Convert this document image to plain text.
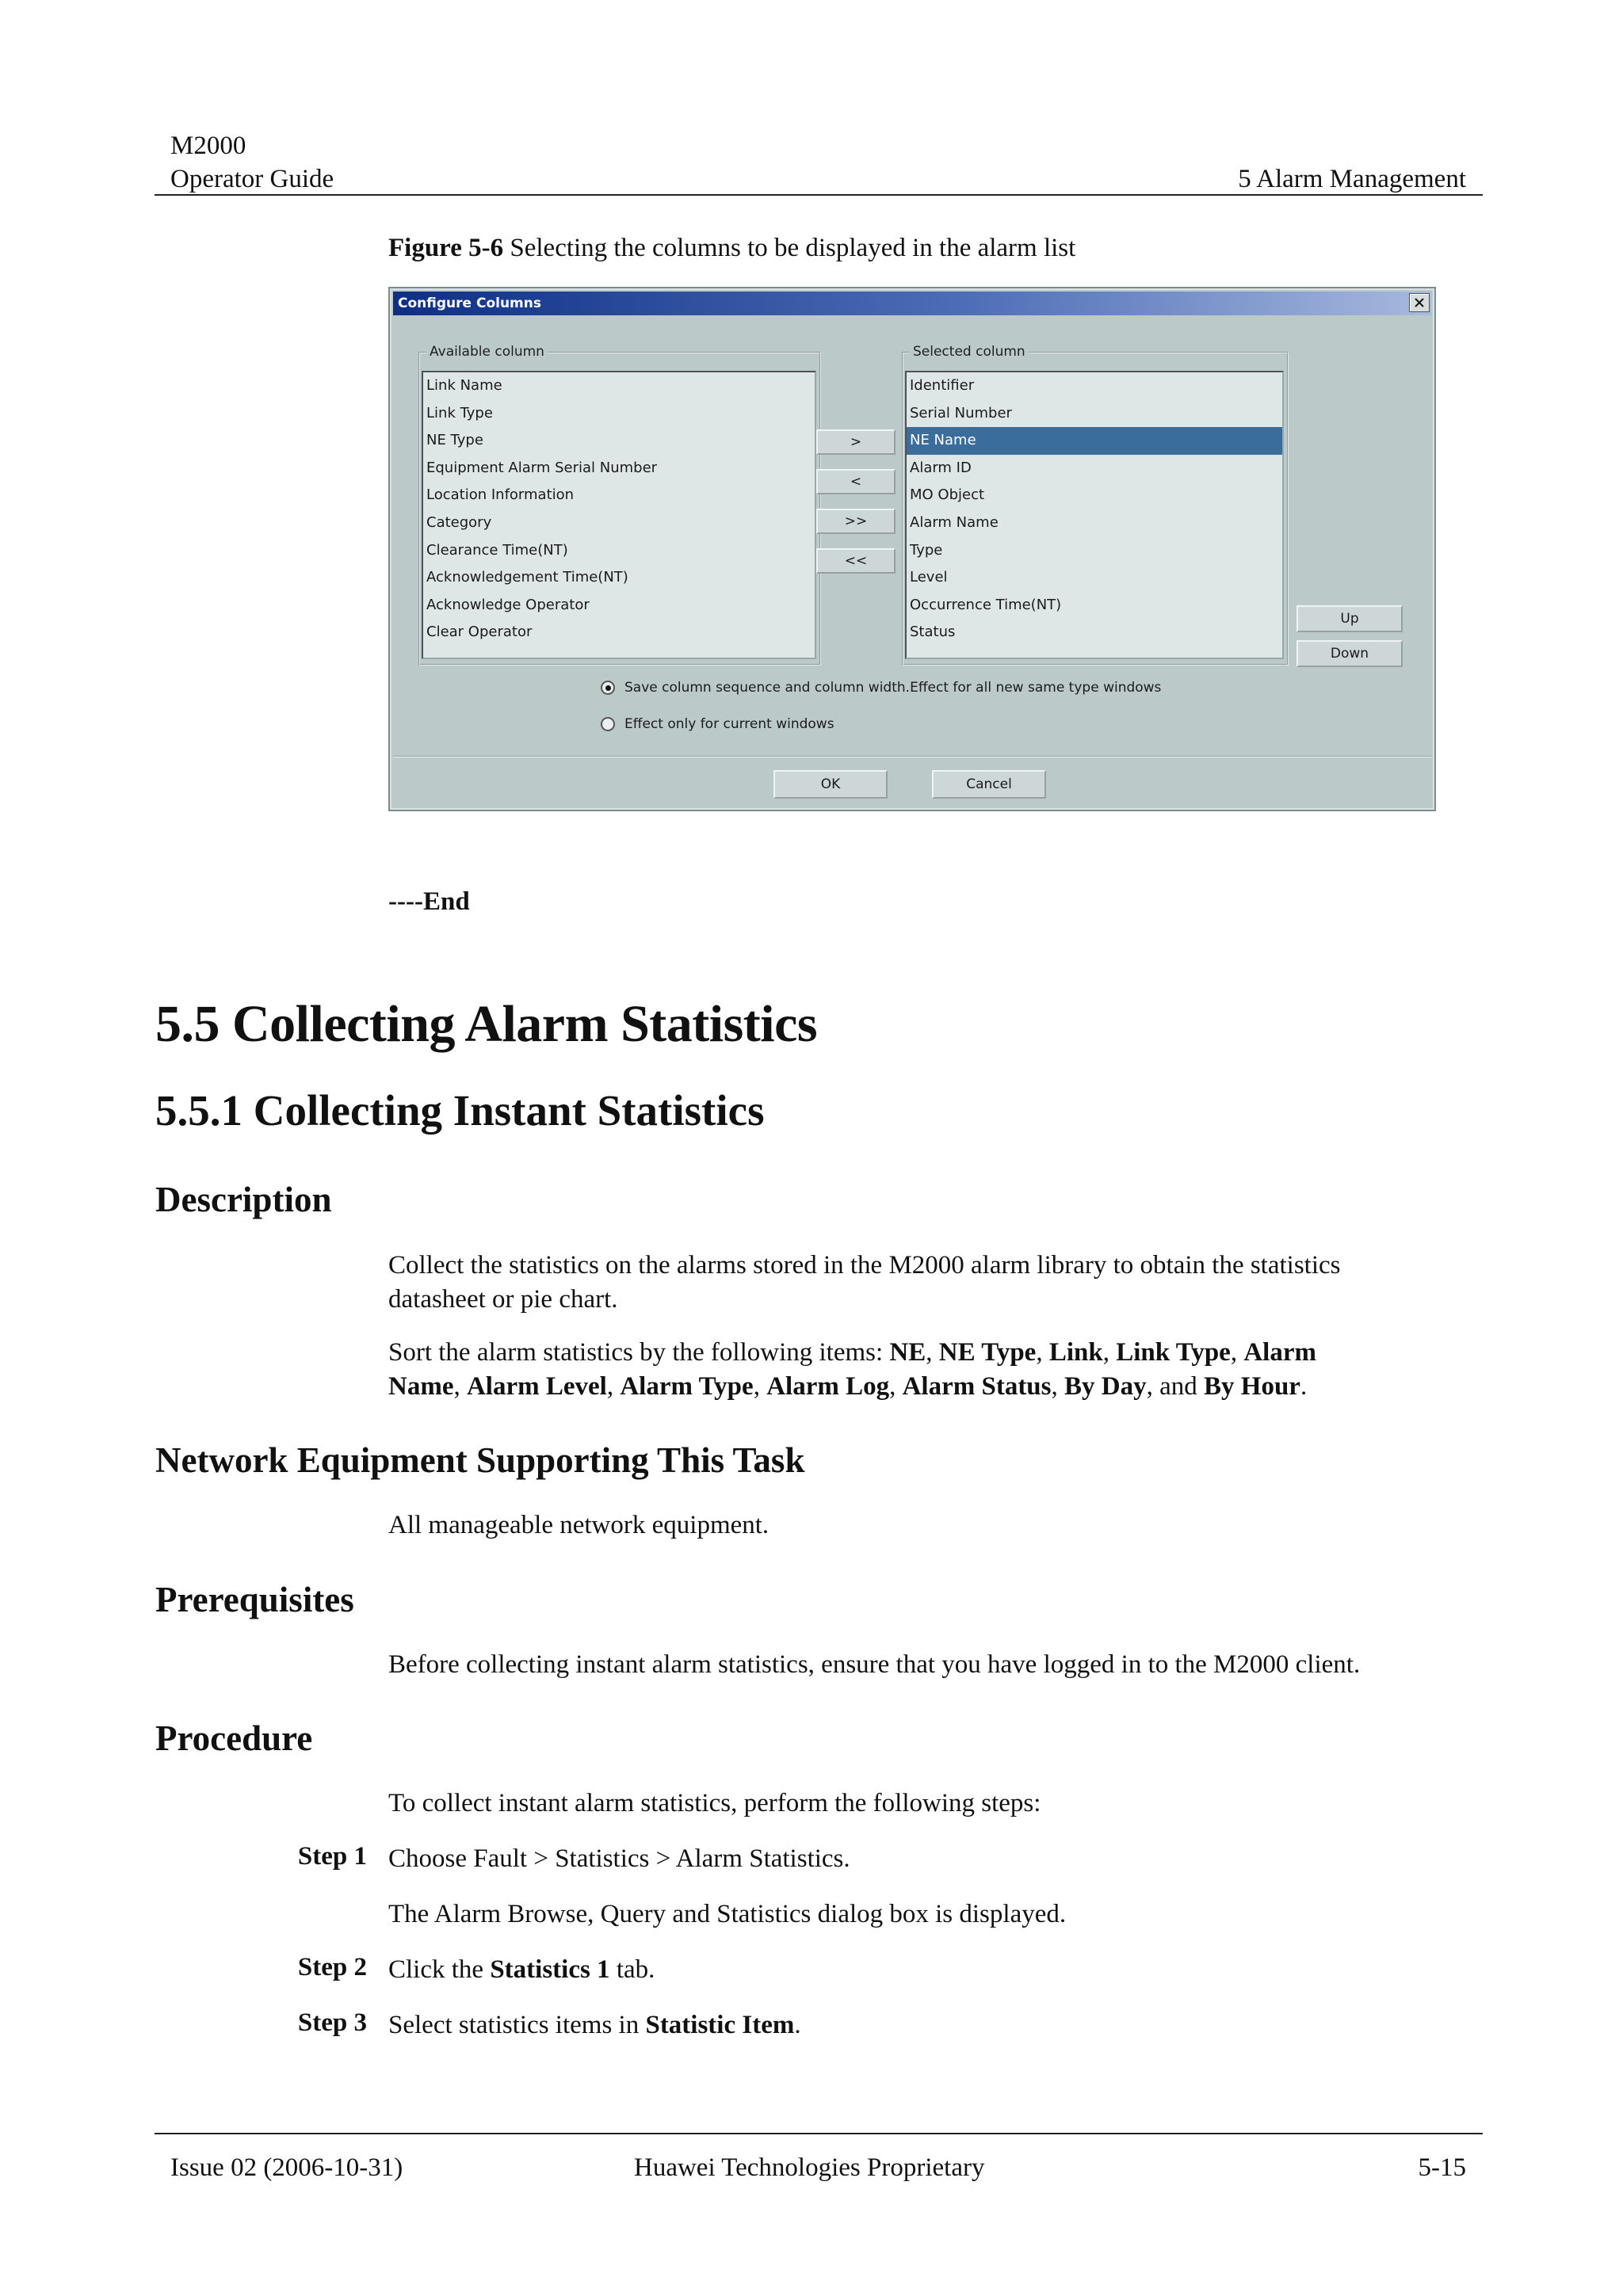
M2000
Operator Guide	5 Alarm Management
Figure 5-6 Selecting the columns to be displayed in the alarm list
Configure Columns
Available column
Link Name
Link Type
NE Type
Equipment Alarm Serial Number
Location Information
Category
Clearance Time(NT)
Acknowledgement Time(NT)
Acknowledge Operator
Clear Operator
>
<
>>
<<
Selected column
Identifier
Serial Number
NE Name
Alarm ID
MO Object
Alarm Name
Type
Level
Occurrence Time(NT)
Status
Up
Down
Save column sequence and column width.Effect for all new same type windows
Effect only for current windows
OK	Cancel
----End
5.5 Collecting Alarm Statistics
5.5.1 Collecting Instant Statistics
Description
Collect the statistics on the alarms stored in the M2000 alarm library to obtain the statistics
datasheet or pie chart.
Sort the alarm statistics by the following items: NE, NE Type, Link, Link Type, Alarm
Name, Alarm Level, Alarm Type, Alarm Log, Alarm Status, By Day, and By Hour.
Network Equipment Supporting This Task
All manageable network equipment.
Prerequisites
Before collecting instant alarm statistics, ensure that you have logged in to the M2000 client.
Procedure
To collect instant alarm statistics, perform the following steps:
Step 1 Choose Fault > Statistics > Alarm Statistics.
The Alarm Browse, Query and Statistics dialog box is displayed.
Step 2 Click the Statistics 1 tab.
Step 3 Select statistics items in Statistic Item.
Issue 02 (2006-10-31)	Huawei Technologies Proprietary	5-15
